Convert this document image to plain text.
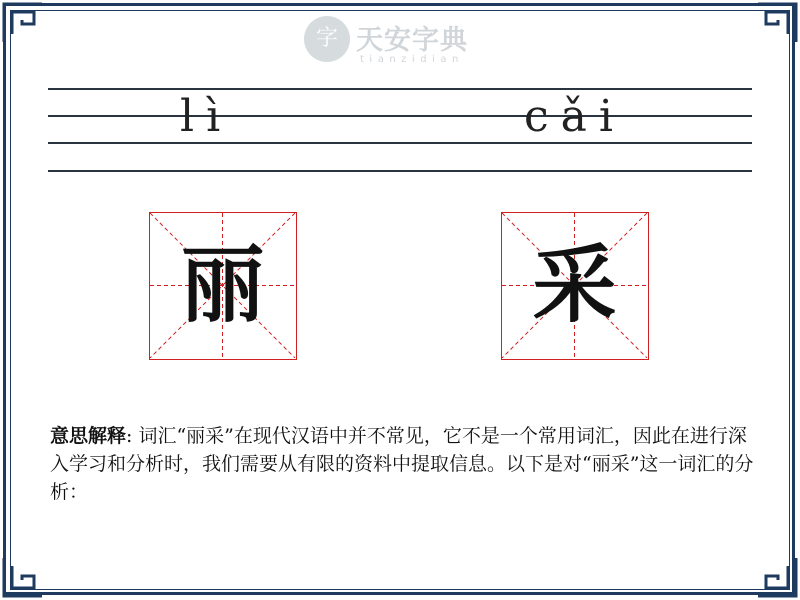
字 天安字典
tianzidian
lì	cǎi
丽	采
意思解释: 词汇“丽采”在现代汉语中并不常见，它不是一个常用词汇，因此在进行深入学习和分析时，我们需要从有限的资料中提取信息。以下是对“丽采”这一词汇的分析：
